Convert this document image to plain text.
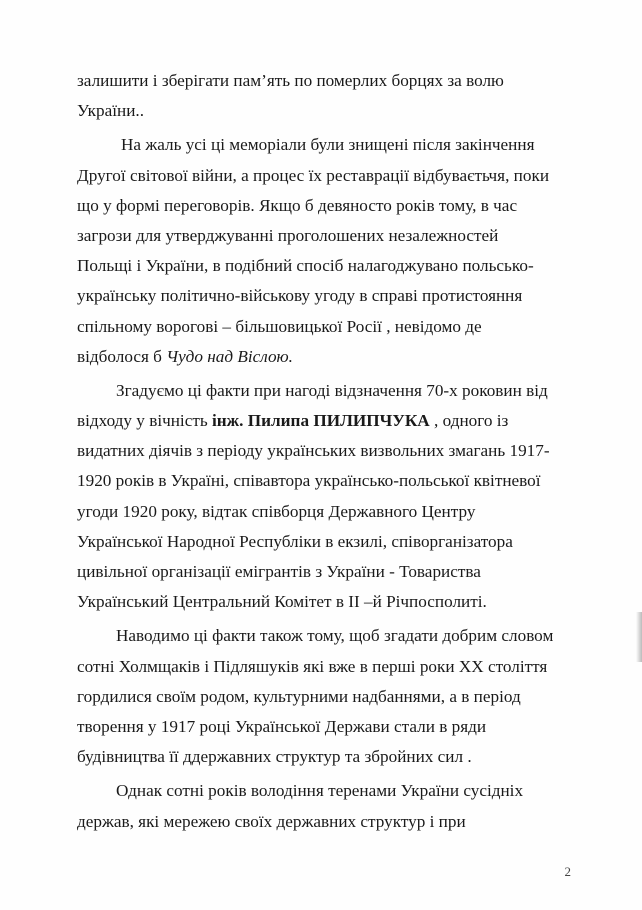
залишити і зберігати пам’ять по померлих борцях за волю
України..
На жаль усі ці меморіали були знищені після закінчення
Другої світової війни, а процес їх реставрації відбуваєтьчя, поки
що у формі переговорів. Якщо б девяносто років тому, в час
загрози для утверджуванні проголошених незалежностей
Польщі і України, в подібний спосіб налагоджувано польсько-
українську політично-військову угоду в справі протистояння
спільному ворогові – більшовицької Росії , невідомо де
відболося б Чудо над Віслою.
Згадуємо ці факти при нагоді відзначення 70-х роковин від
відходу у вічність інж. Пилипа ПИЛИПЧУКА , одного із
видатних діячів з періоду українських визвольних змагань 1917-
1920 років в Україні, співавтора українсько-польської квітневої
угоди 1920 року, відтак співборця Державного Центру
Української Народної Республіки в екзилі, співорганізатора
цивільної організації емігрантів з України - Товариства
Український Центральний Комітет в ІІ –й Річпосполиті.
Наводимо ці факти також тому, щоб згадати добрим словом
сотні Холмщаків і Підляшуків які вже в перші роки ХХ століття
гордилися своїм родом, культурними надбаннями, а в період
творення у 1917 році Української Держави стали в ряди
будівництва її ддержавних структур та збройних сил .
Однак сотні років володіння теренами України сусідніх
держав, які мережею своїх державних структур і при
2
